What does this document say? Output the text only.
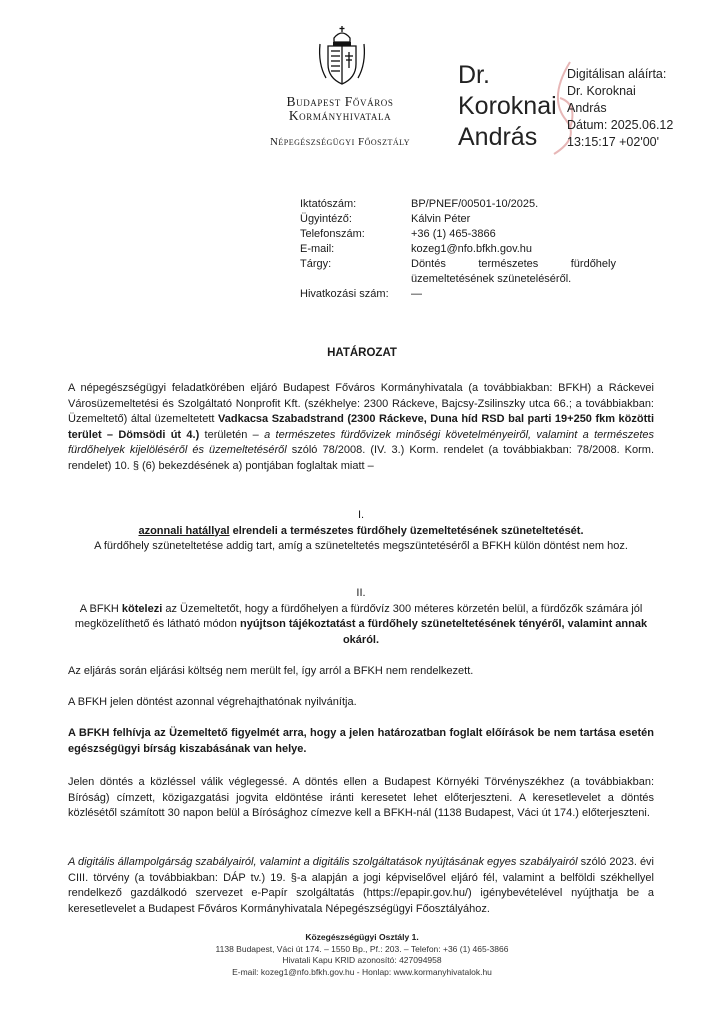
Budapest Főváros
Kormányhivatala
Népegészségügyi Főosztály
Dr.
Koroknai
András
Digitálisan aláírta:
Dr. Koroknai
András
Dátum: 2025.06.12
13:15:17 +02'00'
Iktatószám:	BP/PNEF/00501-10/2025.
Ügyintéző:	Kálvin Péter
Telefonszám:	+36 (1) 465-3866
E-mail:	kozeg1@nfo.bfkh.gov.hu
Tárgy:	Döntés természetes fürdőhely üzemeltetésének szüneteléséről.
Hivatkozási szám:	—
HATÁROZAT
A népegészségügyi feladatkörében eljáró Budapest Főváros Kormányhivatala (a továbbiakban: BFKH) a Ráckevei Városüzemeltetési és Szolgáltató Nonprofit Kft. (székhelye: 2300 Ráckeve, Bajcsy-Zsilinszky utca 66.; a továbbiakban: Üzemeltető) által üzemeltetett Vadkacsa Szabadstrand (2300 Ráckeve, Duna híd RSD bal parti 19+250 fkm közötti terület – Dömsödi út 4.) területén – a természetes fürdővizek minőségi követelményeiről, valamint a természetes fürdőhelyek kijelöléséről és üzemeltetéséről szóló 78/2008. (IV. 3.) Korm. rendelet (a továbbiakban: 78/2008. Korm. rendelet) 10. § (6) bekezdésének a) pontjában foglaltak miatt –
I.
azonnali hatállyal elrendeli a természetes fürdőhely üzemeltetésének szüneteltetését.
A fürdőhely szüneteltetése addig tart, amíg a szüneteltetés megszüntetéséről a BFKH külön döntést nem hoz.
II.
A BFKH kötelezi az Üzemeltetőt, hogy a fürdőhelyen a fürdővíz 300 méteres körzetén belül, a fürdőzők számára jól megközelíthető és látható módon nyújtson tájékoztatást a fürdőhely szüneteltetésének tényéről, valamint annak okáról.
Az eljárás során eljárási költség nem merült fel, így arról a BFKH nem rendelkezett.
A BFKH jelen döntést azonnal végrehajthatónak nyilvánítja.
A BFKH felhívja az Üzemeltető figyelmét arra, hogy a jelen határozatban foglalt előírások be nem tartása esetén egészségügyi bírság kiszabásának van helye.
Jelen döntés a közléssel válik véglegessé. A döntés ellen a Budapest Környéki Törvényszékhez (a továbbiakban: Bíróság) címzett, közigazgatási jogvita eldöntése iránti keresetet lehet előterjeszteni. A keresetlevelet a döntés közlésétől számított 30 napon belül a Bírósághoz címezve kell a BFKH-nál (1138 Budapest, Váci út 174.) előterjeszteni.
A digitális állampolgárság szabályairól, valamint a digitális szolgáltatások nyújtásának egyes szabályairól szóló 2023. évi CIII. törvény (a továbbiakban: DÁP tv.) 19. §-a alapján a jogi képviselővel eljáró fél, valamint a belföldi székhellyel rendelkező gazdálkodó szervezet e-Papír szolgáltatás (https://epapir.gov.hu/) igénybevételével nyújthatja be a keresetlevelet a Budapest Főváros Kormányhivatala Népegészségügyi Főosztályához.
Közegészségügyi Osztály 1.
1138 Budapest, Váci út 174. – 1550 Bp., Pf.: 203. – Telefon: +36 (1) 465-3866
Hivatali Kapu KRID azonosító: 427094958
E-mail: kozeg1@nfo.bfkh.gov.hu - Honlap: www.kormanyhivatalok.hu
